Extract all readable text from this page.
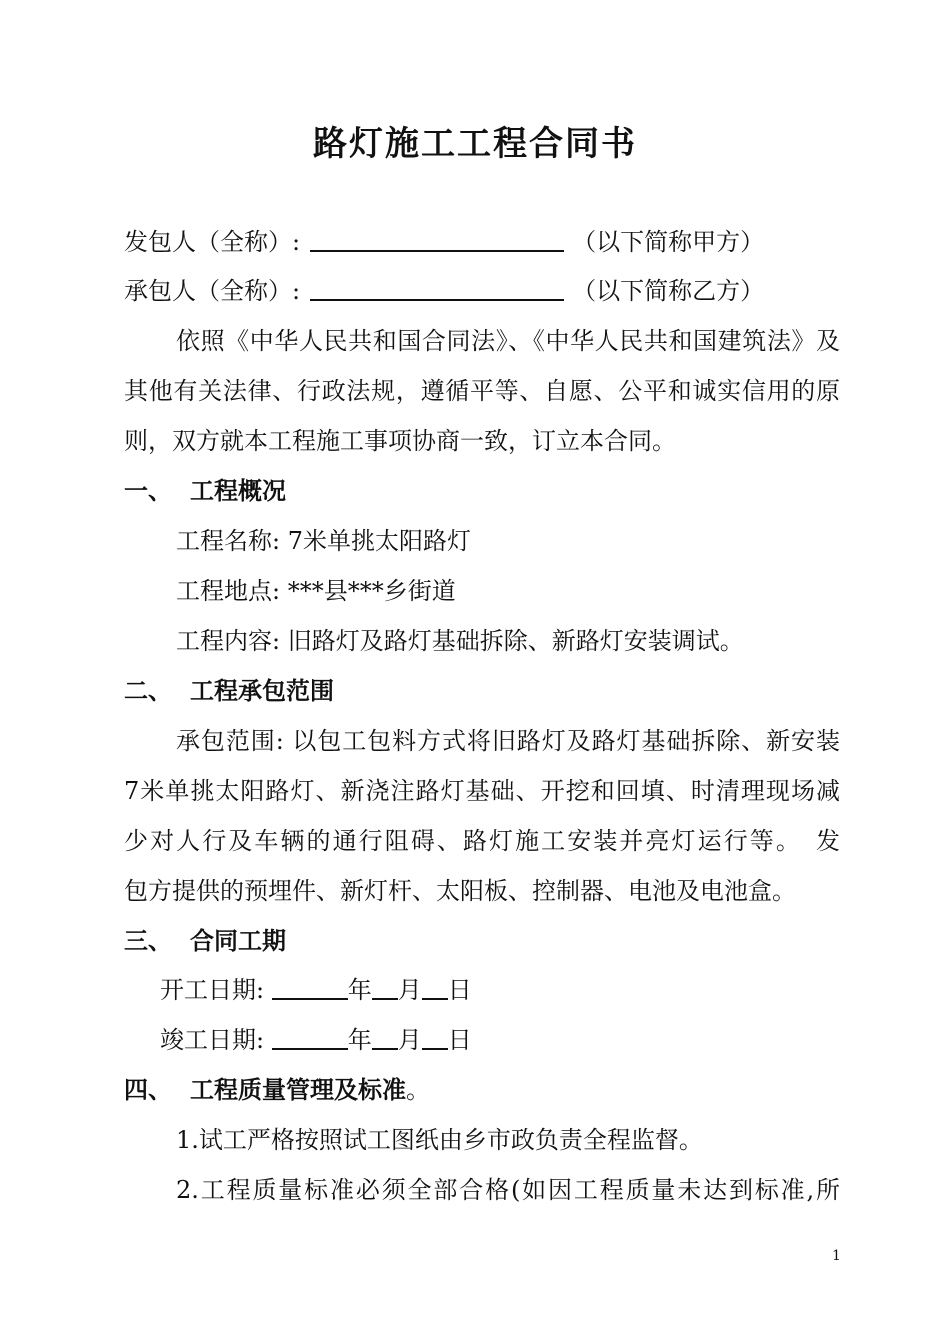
路灯施工工程合同书
发包人（全称）:	（以下简称甲方）
承包人（全称）:	（以下简称乙方）
依照《中华人民共和国合同法》、《中华人民共和国建筑法》及
其他有关法律、行政法规，遵循平等、自愿、公平和诚实信用的原
则，双方就本工程施工事项协商一致，订立本合同。
一、 工程概况
工程名称: 7米单挑太阳路灯
工程地点: ***县***乡街道
工程内容: 旧路灯及路灯基础拆除、新路灯安装调试。
二、 工程承包范围
承包范围: 以包工包料方式将旧路灯及路灯基础拆除、新安装
7米单挑太阳路灯、新浇注路灯基础、开挖和回填、时清理现场减
少对人行及车辆的通行阻碍、路灯施工安装并亮灯运行等。　发
包方提供的预埋件、新灯杆、太阳板、控制器、电池及电池盒。
三、 合同工期
开工日期:	年 月 日
竣工日期:	年 月 日
四、 工程质量管理及标准。
1.试工严格按照试工图纸由乡市政负责全程监督。
2.工程质量标准必须全部合格(如因工程质量未达到标准,所
1
